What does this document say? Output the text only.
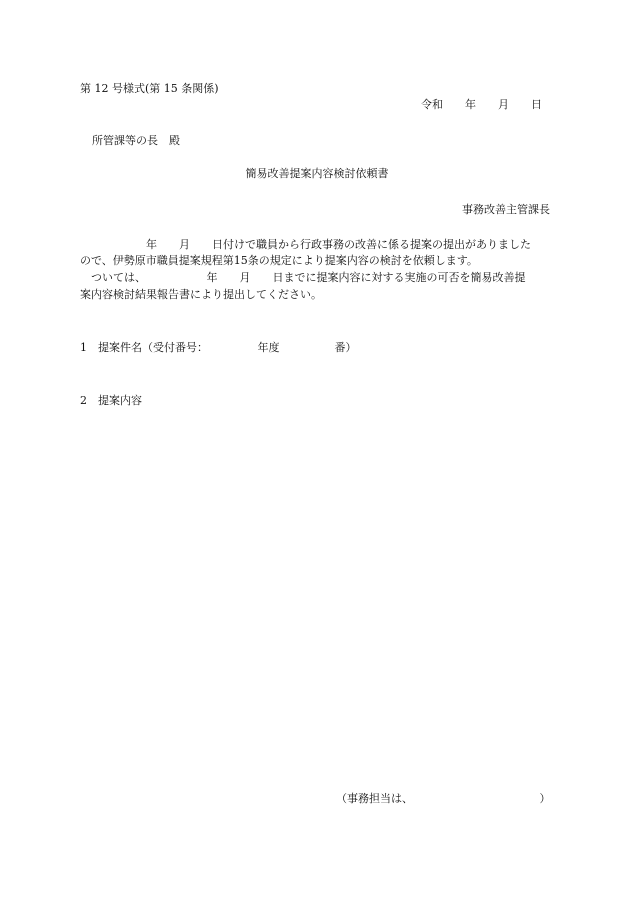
第 12 号様式(第 15 条関係)
令和　　年　　月　　日
所管課等の長　殿
簡易改善提案内容検討依頼書
事務改善主管課長
　　　　　　年　　月　　日付けで職員から行政事務の改善に係る提案の提出がありました
ので、伊勢原市職員提案規程第15条の規定により提案内容の検討を依頼します。
　ついては、　　　　　　年　　月　　日までに提案内容に対する実施の可否を簡易改善提
案内容検討結果報告書により提出してください。
1　提案件名（受付番号：　　　　　年度　　　　　番）
2　提案内容
（事務担当は、　　　　　　　　　　　　）
